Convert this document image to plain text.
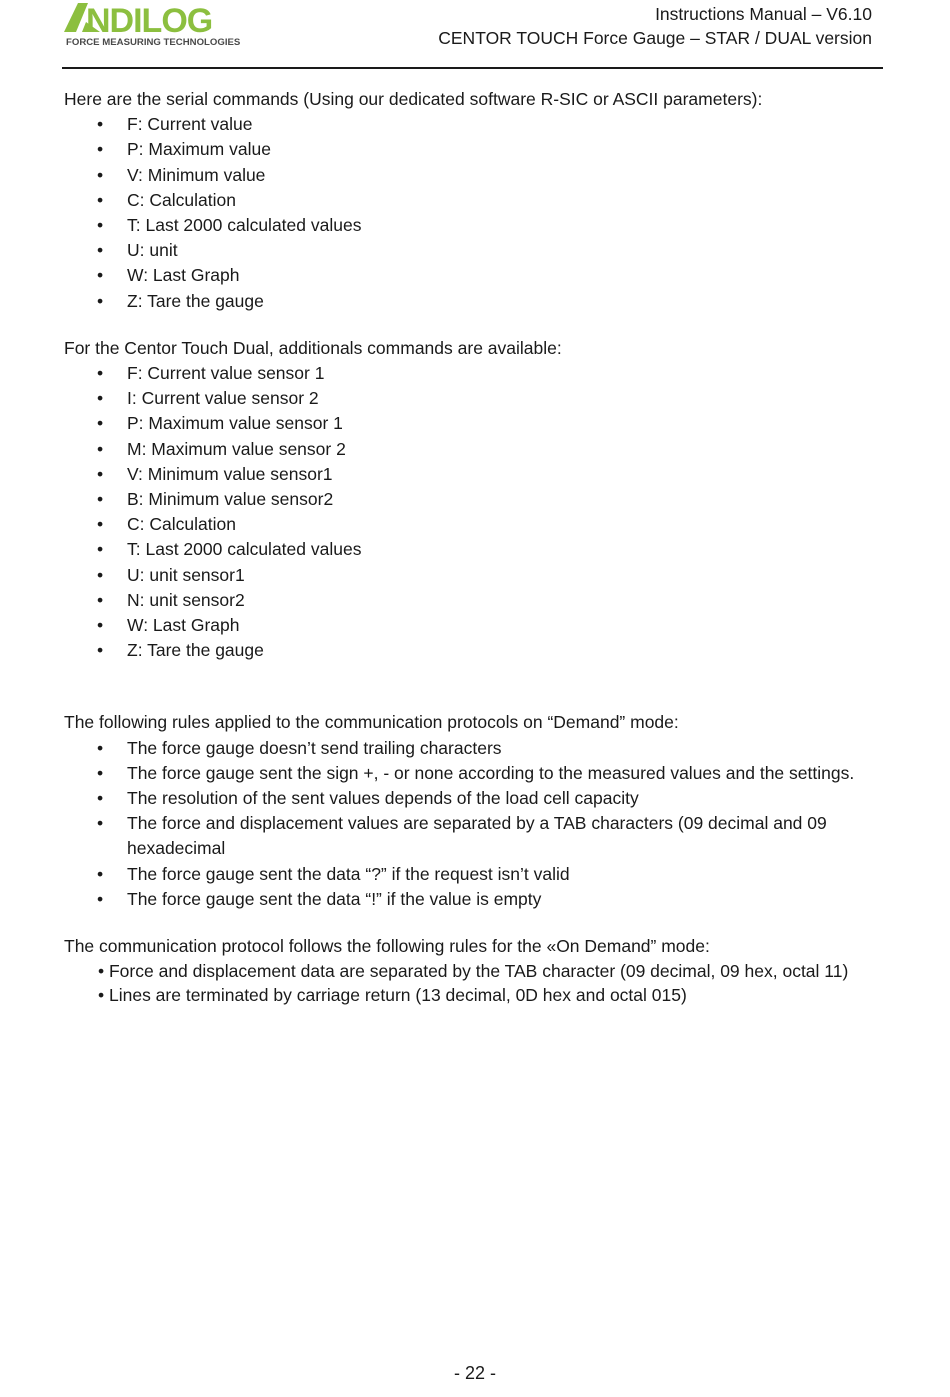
NDILOG
FORCE MEASURING TECHNOLOGIES
Instructions Manual – V6.10
CENTOR TOUCH Force Gauge – STAR / DUAL version

Here are the serial commands (Using our dedicated software R-SIC or ASCII parameters):

• F: Current value
• P: Maximum value
• V: Minimum value
• C: Calculation
• T: Last 2000 calculated values
• U: unit
• W: Last Graph
• Z: Tare the gauge

For the Centor Touch Dual, additionals commands are available:

• F: Current value sensor 1
• I: Current value sensor 2
• P: Maximum value sensor 1
• M: Maximum value sensor 2
• V: Minimum value sensor1
• B: Minimum value sensor2
• C: Calculation
• T: Last 2000 calculated values
• U: unit sensor1
• N: unit sensor2
• W: Last Graph
• Z: Tare the gauge

The following rules applied to the communication protocols on “Demand” mode:

• The force gauge doesn’t send trailing characters
• The force gauge sent the sign +, - or none according to the measured values and the settings.
• The resolution of the sent values depends of the load cell capacity
• The force and displacement values are separated by a TAB characters (09 decimal and 09 hexadecimal
• The force gauge sent the data “?” if the request isn’t valid
• The force gauge sent the data “!” if the value is empty

The communication protocol follows the following rules for the «On Demand” mode:

• Force and displacement data are separated by the TAB character (09 decimal, 09 hex, octal 11)

• Lines are terminated by carriage return (13 decimal, 0D hex and octal 015)

- 22 -
